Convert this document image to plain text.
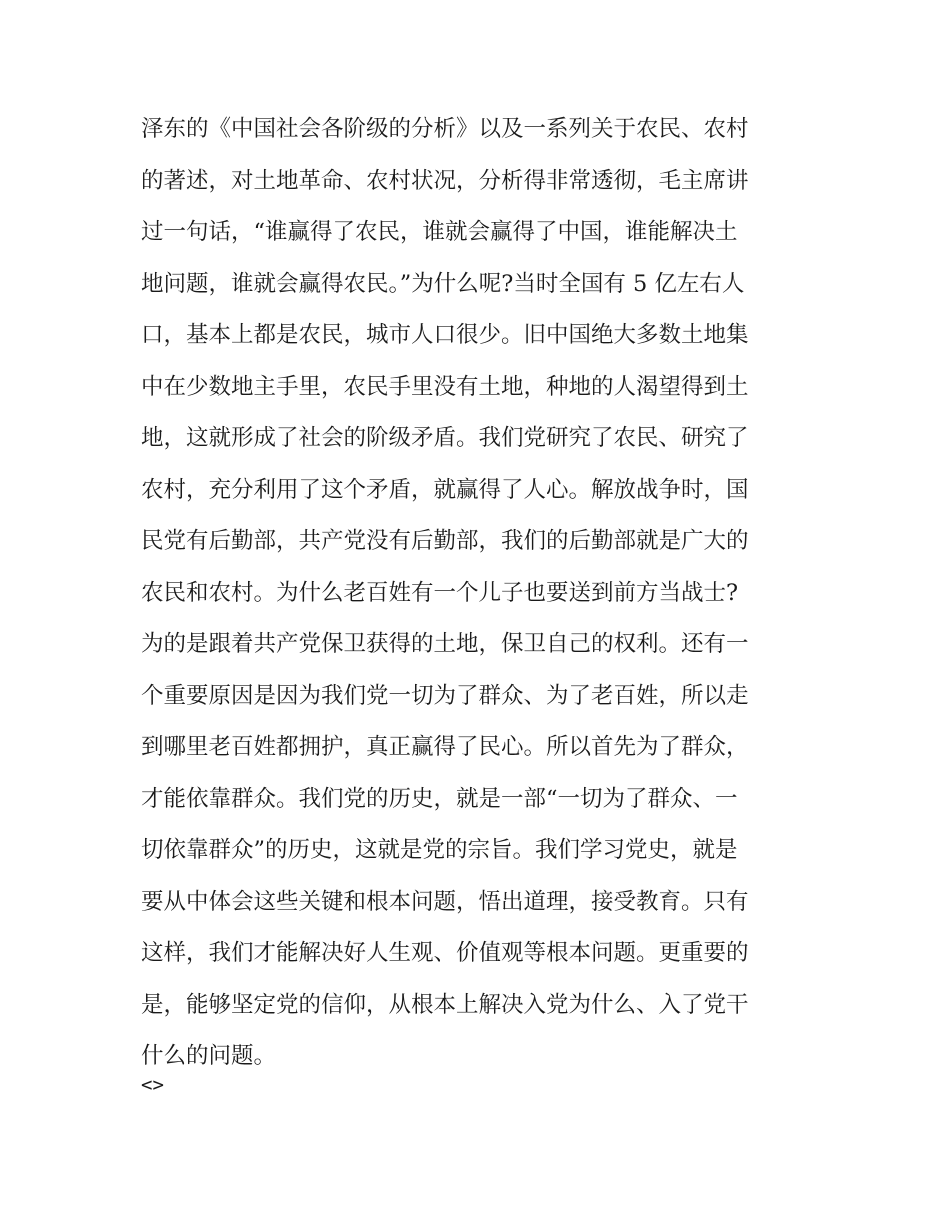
泽东的《中国社会各阶级的分析》以及一系列关于农民、农村
的著述，对土地革命、农村状况，分析得非常透彻，毛主席讲
过一句话，“谁赢得了农民，谁就会赢得了中国，谁能解决土
地问题，谁就会赢得农民。”为什么呢?当时全国有 5 亿左右人
口，基本上都是农民，城市人口很少。旧中国绝大多数土地集
中在少数地主手里，农民手里没有土地，种地的人渴望得到土
地，这就形成了社会的阶级矛盾。我们党研究了农民、研究了
农村，充分利用了这个矛盾，就赢得了人心。解放战争时，国
民党有后勤部，共产党没有后勤部，我们的后勤部就是广大的
农民和农村。为什么老百姓有一个儿子也要送到前方当战士?
为的是跟着共产党保卫获得的土地，保卫自己的权利。还有一
个重要原因是因为我们党一切为了群众、为了老百姓，所以走
到哪里老百姓都拥护，真正赢得了民心。所以首先为了群众，
才能依靠群众。我们党的历史，就是一部“一切为了群众、一
切依靠群众”的历史，这就是党的宗旨。我们学习党史，就是
要从中体会这些关键和根本问题，悟出道理，接受教育。只有
这样，我们才能解决好人生观、价值观等根本问题。更重要的
是，能够坚定党的信仰，从根本上解决入党为什么、入了党干
什么的问题。
<>
